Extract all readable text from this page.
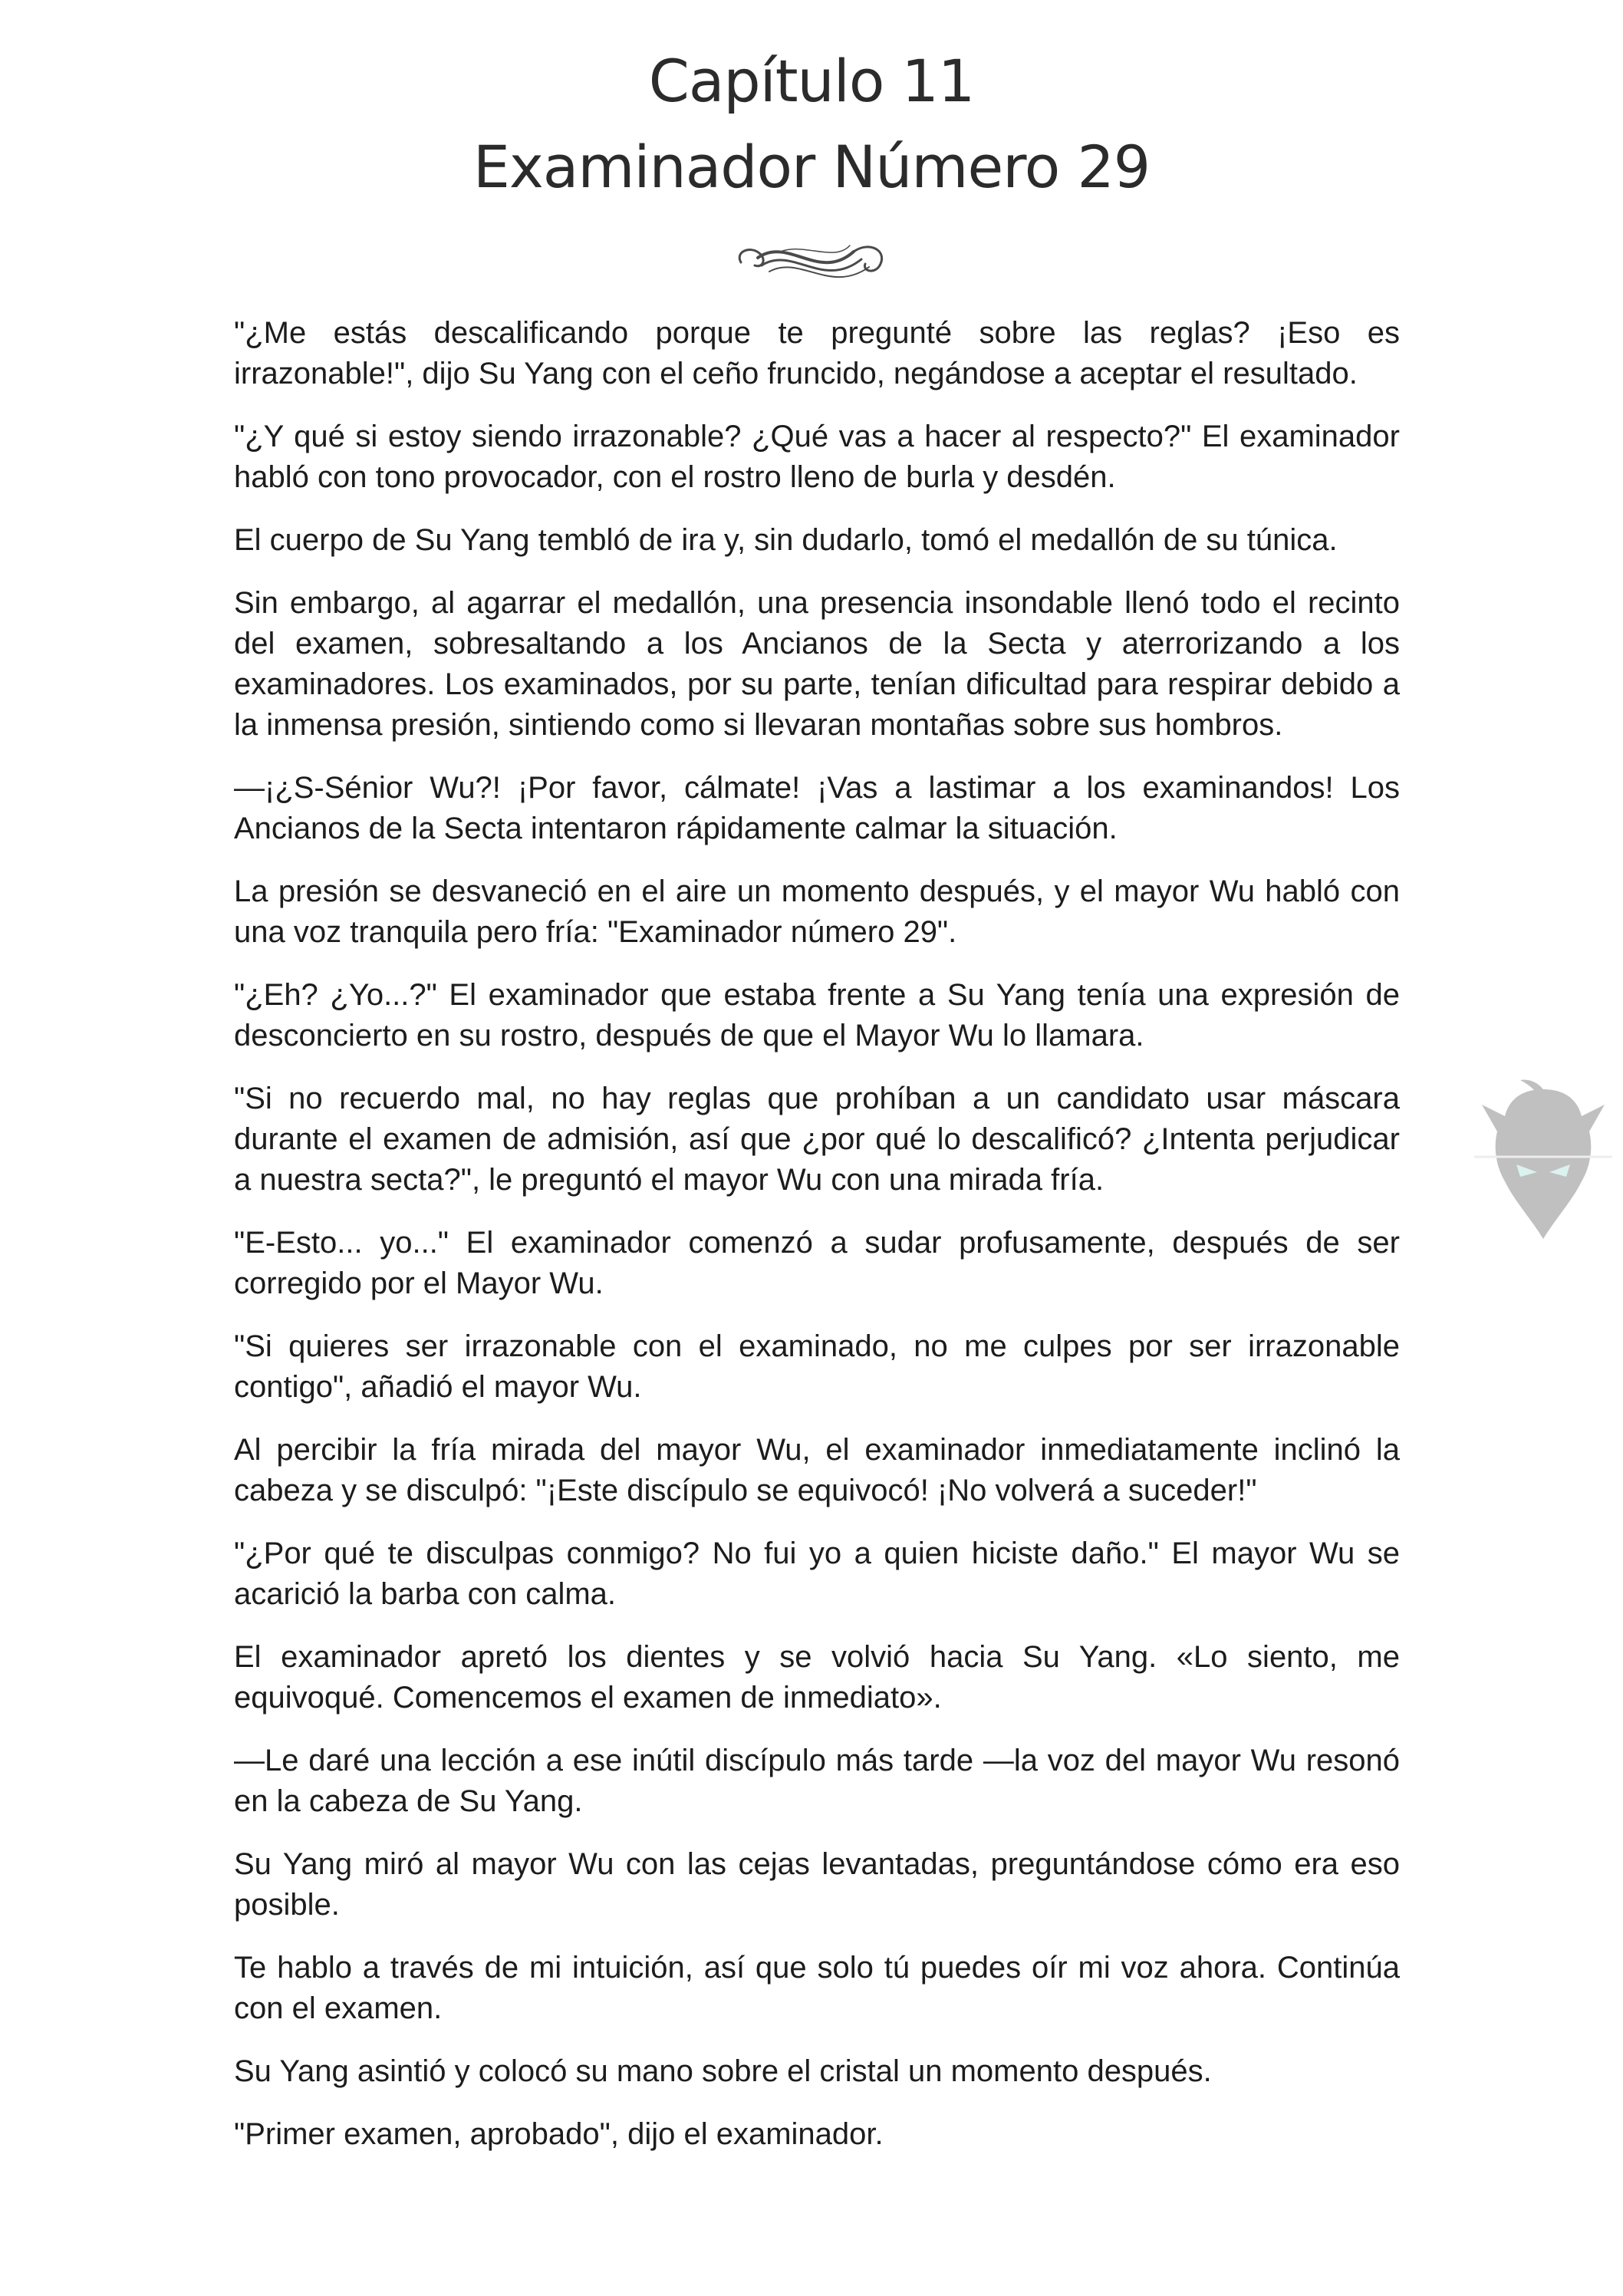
Capítulo 11
Examinador Número 29

"¿Me estás descalificando porque te pregunté sobre las reglas? ¡Eso es irrazonable!", dijo Su Yang con el ceño fruncido, negándose a aceptar el resultado.

"¿Y qué si estoy siendo irrazonable? ¿Qué vas a hacer al respecto?" El examinador habló con tono provocador, con el rostro lleno de burla y desdén.

El cuerpo de Su Yang tembló de ira y, sin dudarlo, tomó el medallón de su túnica.

Sin embargo, al agarrar el medallón, una presencia insondable llenó todo el recinto del examen, sobresaltando a los Ancianos de la Secta y aterrorizando a los examinadores. Los examinados, por su parte, tenían dificultad para respirar debido a la inmensa presión, sintiendo como si llevaran montañas sobre sus hombros.

—¡¿S-Sénior Wu?! ¡Por favor, cálmate! ¡Vas a lastimar a los examinandos! Los Ancianos de la Secta intentaron rápidamente calmar la situación.

La presión se desvaneció en el aire un momento después, y el mayor Wu habló con una voz tranquila pero fría: "Examinador número 29".

"¿Eh? ¿Yo...?" El examinador que estaba frente a Su Yang tenía una expresión de desconcierto en su rostro, después de que el Mayor Wu lo llamara.

"Si no recuerdo mal, no hay reglas que prohíban a un candidato usar máscara durante el examen de admisión, así que ¿por qué lo descalificó? ¿Intenta perjudicar a nuestra secta?", le preguntó el mayor Wu con una mirada fría.

"E-Esto... yo..." El examinador comenzó a sudar profusamente, después de ser corregido por el Mayor Wu.

"Si quieres ser irrazonable con el examinado, no me culpes por ser irrazonable contigo", añadió el mayor Wu.

Al percibir la fría mirada del mayor Wu, el examinador inmediatamente inclinó la cabeza y se disculpó: "¡Este discípulo se equivocó! ¡No volverá a suceder!"

"¿Por qué te disculpas conmigo? No fui yo a quien hiciste daño." El mayor Wu se acarició la barba con calma.

El examinador apretó los dientes y se volvió hacia Su Yang. «Lo siento, me equivoqué. Comencemos el examen de inmediato».

—Le daré una lección a ese inútil discípulo más tarde —la voz del mayor Wu resonó en la cabeza de Su Yang.

Su Yang miró al mayor Wu con las cejas levantadas, preguntándose cómo era eso posible.

Te hablo a través de mi intuición, así que solo tú puedes oír mi voz ahora. Continúa con el examen.

Su Yang asintió y colocó su mano sobre el cristal un momento después.

"Primer examen, aprobado", dijo el examinador.
